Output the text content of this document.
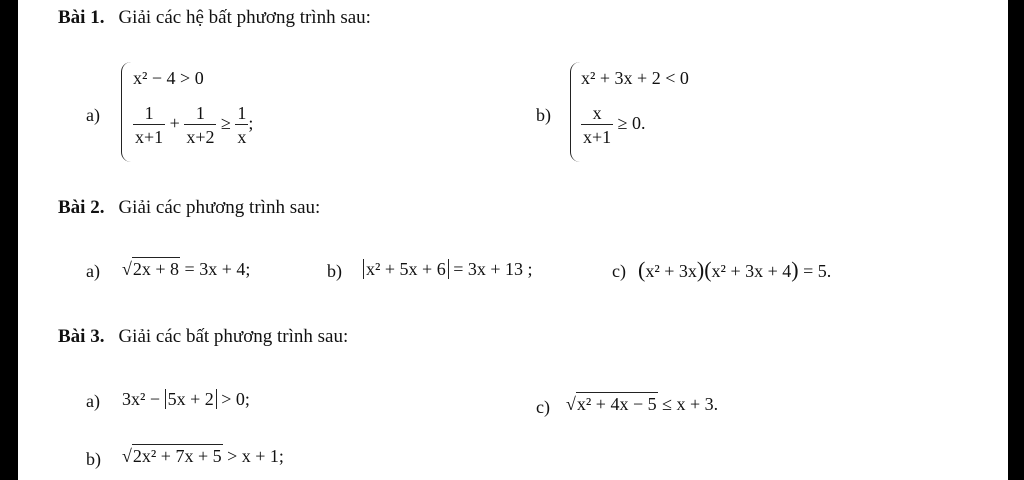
Bài 1. Giải các hệ bất phương trình sau:
a)
x² − 4 > 0
$\frac{1}{x+1} + \frac{1}{x+2} \ge \frac{1}{x}$ ;	b)
x² + 3x + 2 < 0
$\frac{x}{x+1} \ge 0$.
Bài 2. Giải các phương trình sau:
a) √2x + 8 = 3x + 4;	b) x² + 5x + 6 = 3x + 13 ;	c) (x² + 3x)(x² + 3x + 4) = 5.
Bài 3. Giải các bất phương trình sau:
a) 3x² − 5x + 2 > 0;	c) √x² + 4x − 5 ≤ x + 3.
b) √2x² + 7x + 5 > x + 1;
